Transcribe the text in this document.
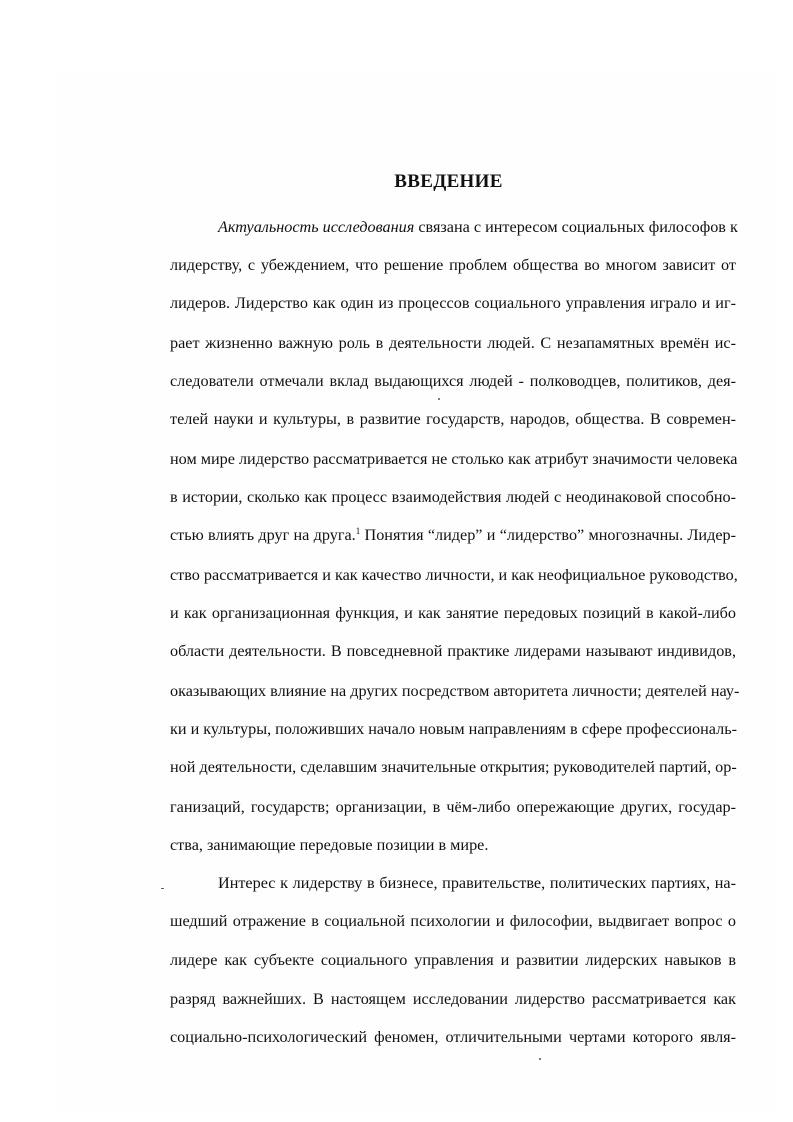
ВВЕДЕНИЕ
Актуальность исследования связана с интересом социальных философов к
лидерству, с убеждением, что решение проблем общества во многом зависит от
лидеров. Лидерство как один из процессов социального управления играло и иг-
рает жизненно важную роль в деятельности людей. С незапамятных времён ис-
следователи отмечали вклад выдающихся людей - полководцев, политиков, дея-
телей науки и культуры, в развитие государств, народов, общества. В современ-
ном мире лидерство рассматривается не столько как атрибут значимости человека
в истории, сколько как процесс взаимодействия людей с неодинаковой способно-
стью влиять друг на друга.$^1$ Понятия “лидер” и “лидерство” многозначны. Лидер-
ство рассматривается и как качество личности, и как неофициальное руководство,
и как организационная функция, и как занятие передовых позиций в какой-либо
области деятельности. В повседневной практике лидерами называют индивидов,
оказывающих влияние на других посредством авторитета личности; деятелей нау-
ки и культуры, положивших начало новым направлениям в сфере профессиональ-
ной деятельности, сделавшим значительные открытия; руководителей партий, ор-
ганизаций, государств; организации, в чём-либо опережающие других, государ-
ства, занимающие передовые позиции в мире.
Интерес к лидерству в бизнесе, правительстве, политических партиях, на-
шедший отражение в социальной психологии и философии, выдвигает вопрос о
лидере как субъекте социального управления и развитии лидерских навыков в
разряд важнейших. В настоящем исследовании лидерство рассматривается как
социально-психологический феномен, отличительными чертами которого явля-
